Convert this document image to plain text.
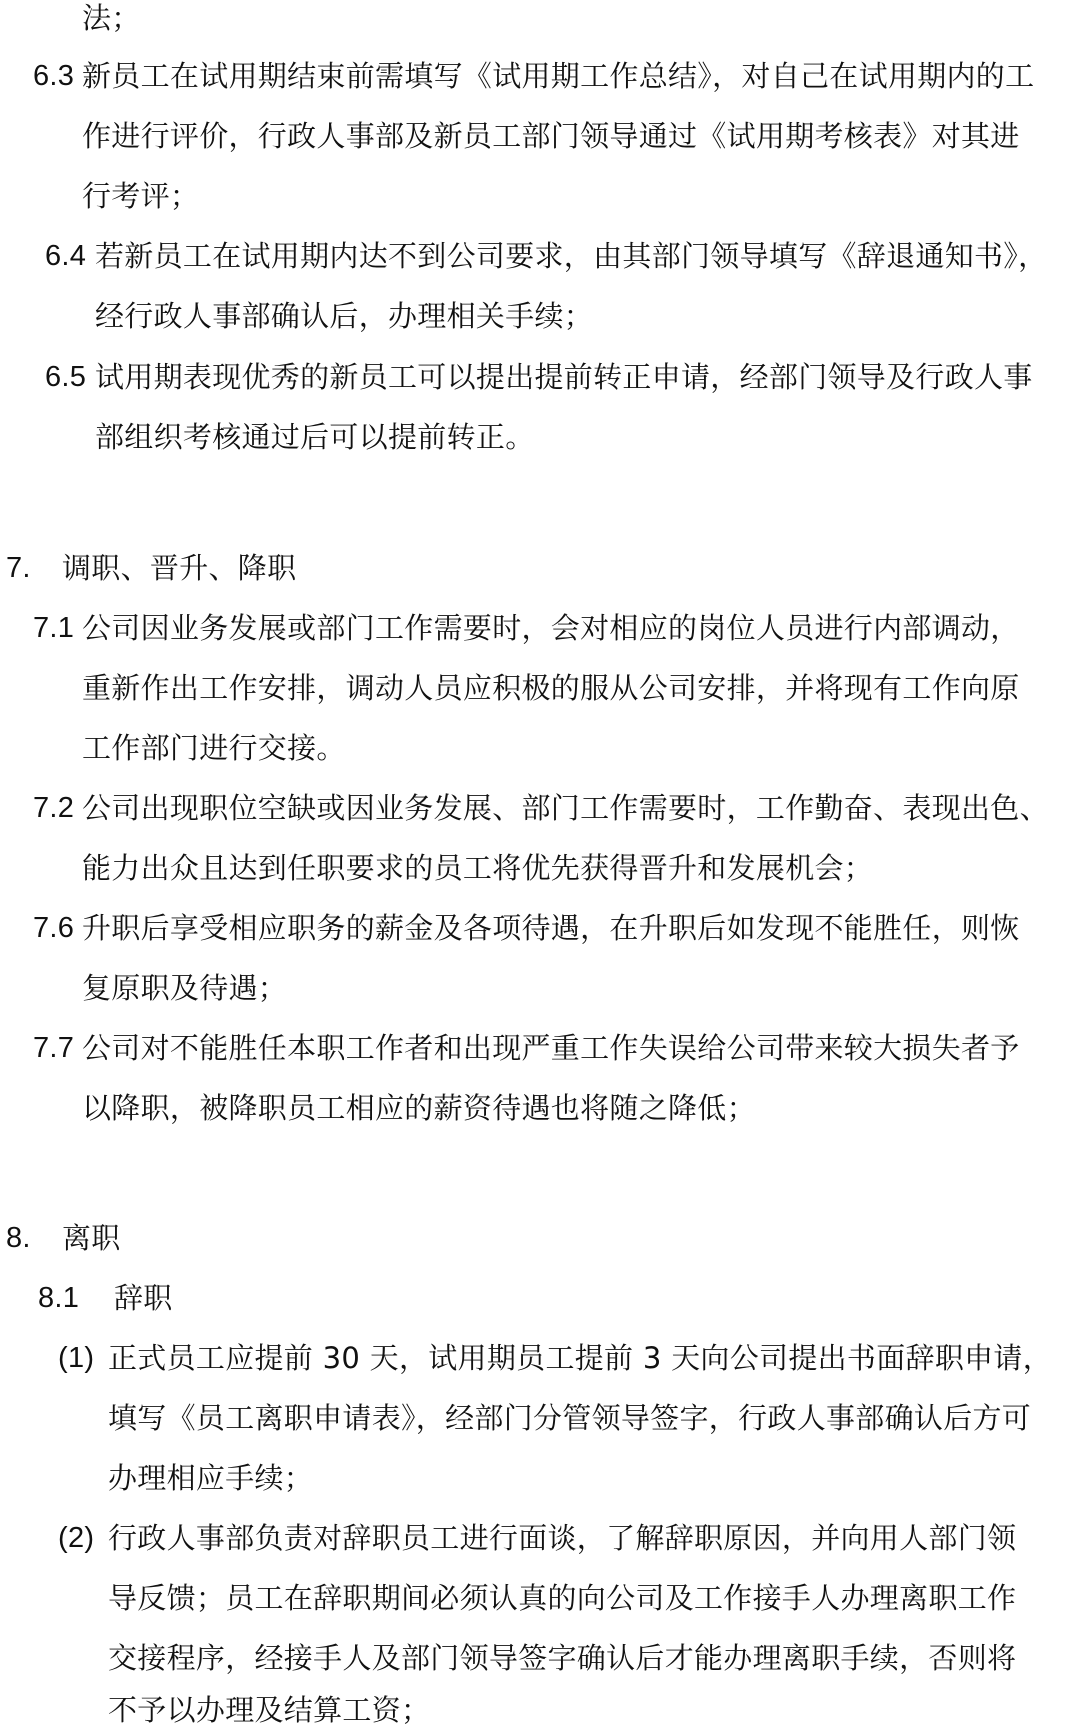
法；
6.3 新员工在试用期结束前需填写《试用期工作总结》，对自己在试用期内的工
作进行评价，行政人事部及新员工部门领导通过《试用期考核表》对其进
行考评；
6.4 若新员工在试用期内达不到公司要求，由其部门领导填写《辞退通知书》，
经行政人事部确认后，办理相关手续；
6.5 试用期表现优秀的新员工可以提出提前转正申请，经部门领导及行政人事
部组织考核通过后可以提前转正。
7. 调职、晋升、降职
7.1 公司因业务发展或部门工作需要时，会对相应的岗位人员进行内部调动，
重新作出工作安排，调动人员应积极的服从公司安排，并将现有工作向原
工作部门进行交接。
7.2 公司出现职位空缺或因业务发展、部门工作需要时，工作勤奋、表现出色、
能力出众且达到任职要求的员工将优先获得晋升和发展机会；
7.6 升职后享受相应职务的薪金及各项待遇，在升职后如发现不能胜任，则恢
复原职及待遇；
7.7 公司对不能胜任本职工作者和出现严重工作失误给公司带来较大损失者予
以降职，被降职员工相应的薪资待遇也将随之降低；
8. 离职
8.1 辞职
(1) 正式员工应提前 30 天，试用期员工提前 3 天向公司提出书面辞职申请，
填写《员工离职申请表》，经部门分管领导签字，行政人事部确认后方可
办理相应手续；
(2) 行政人事部负责对辞职员工进行面谈，了解辞职原因，并向用人部门领
导反馈；员工在辞职期间必须认真的向公司及工作接手人办理离职工作
交接程序，经接手人及部门领导签字确认后才能办理离职手续，否则将
不予以办理及结算工资；
